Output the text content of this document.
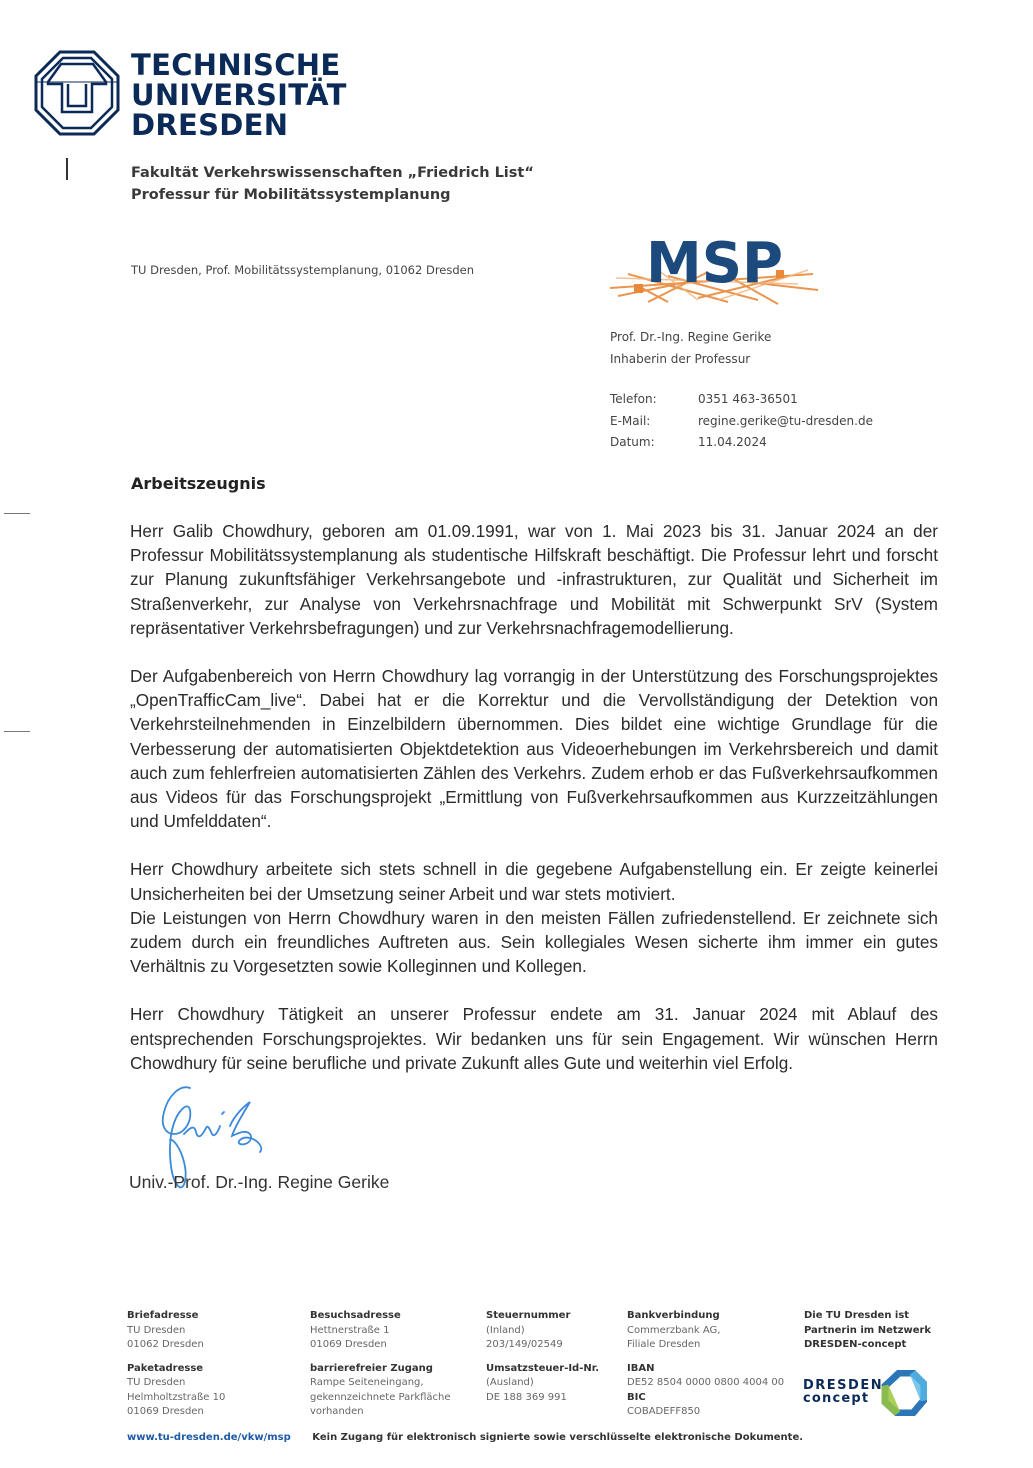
TECHNISCHE
UNIVERSITÄT
DRESDEN
Fakultät Verkehrswissenschaften „Friedrich List“
Professur für Mobilitätssystemplanung
TU Dresden, Prof. Mobilitätssystemplanung, 01062 Dresden	MSP
Prof. Dr.-Ing. Regine Gerike
Inhaberin der Professur
Telefon:	0351 463-36501
E-Mail:	regine.gerike@tu-dresden.de
Datum:	11.04.2024
Arbeitszeugnis

Herr Galib Chowdhury, geboren am 01.09.1991, war von 1. Mai 2023 bis 31. Januar 2024 an der Professur Mobilitätssystemplanung als studentische Hilfskraft beschäftigt. Die Professur lehrt und forscht zur Planung zukunftsfähiger Verkehrsangebote und -infrastrukturen, zur Qualität und Sicherheit im Straßenverkehr, zur Analyse von Verkehrsnachfrage und Mobilität mit Schwerpunkt SrV (System repräsentativer Verkehrsbefragungen) und zur Verkehrsnachfragemodellierung.

Der Aufgabenbereich von Herrn Chowdhury lag vorrangig in der Unterstützung des Forschungsprojektes „OpenTrafficCam_live“. Dabei hat er die Korrektur und die Vervollständigung der Detektion von Verkehrsteilnehmenden in Einzelbildern übernommen. Dies bildet eine wichtige Grundlage für die Verbesserung der automatisierten Objektdetektion aus Videoerhebungen im Verkehrsbereich und damit auch zum fehlerfreien automatisierten Zählen des Verkehrs. Zudem erhob er das Fußverkehrsaufkommen aus Videos für das Forschungsprojekt „Ermittlung von Fußverkehrsaufkommen aus Kurzzeitzählungen und Umfelddaten“.

Herr Chowdhury arbeitete sich stets schnell in die gegebene Aufgabenstellung ein. Er zeigte keinerlei Unsicherheiten bei der Umsetzung seiner Arbeit und war stets motiviert.

Die Leistungen von Herrn Chowdhury waren in den meisten Fällen zufriedenstellend. Er zeichnete sich zudem durch ein freundliches Auftreten aus. Sein kollegiales Wesen sicherte ihm immer ein gutes Verhältnis zu Vorgesetzten sowie Kolleginnen und Kollegen.

Herr Chowdhury Tätigkeit an unserer Professur endete am 31. Januar 2024 mit Ablauf des entsprechenden Forschungsprojektes. Wir bedanken uns für sein Engagement. Wir wünschen Herrn Chowdhury für seine berufliche und private Zukunft alles Gute und weiterhin viel Erfolg.

Univ.-Prof. Dr.-Ing. Regine Gerike
Briefadresse
TU Dresden
01062 Dresden
Paketadresse
TU Dresden
Helmholtzstraße 10
01069 Dresden
Besuchsadresse
Hettnerstraße 1
01069 Dresden
barrierefreier Zugang
Rampe Seiteneingang,
gekennzeichnete Parkfläche
vorhanden
Steuernummer
(Inland)
203/149/02549
Umsatzsteuer-Id-Nr.
(Ausland)
DE 188 369 991
Bankverbindung
Commerzbank AG,
Filiale Dresden
IBAN
DE52 8504 0000 0800 4004 00
BIC
COBADEFF850
Die TU Dresden ist
Partnerin im Netzwerk
DRESDEN-concept
DRESDEN
concept
www.tu-dresden.de/vkw/msp Kein Zugang für elektronisch signierte sowie verschlüsselte elektronische Dokumente.
